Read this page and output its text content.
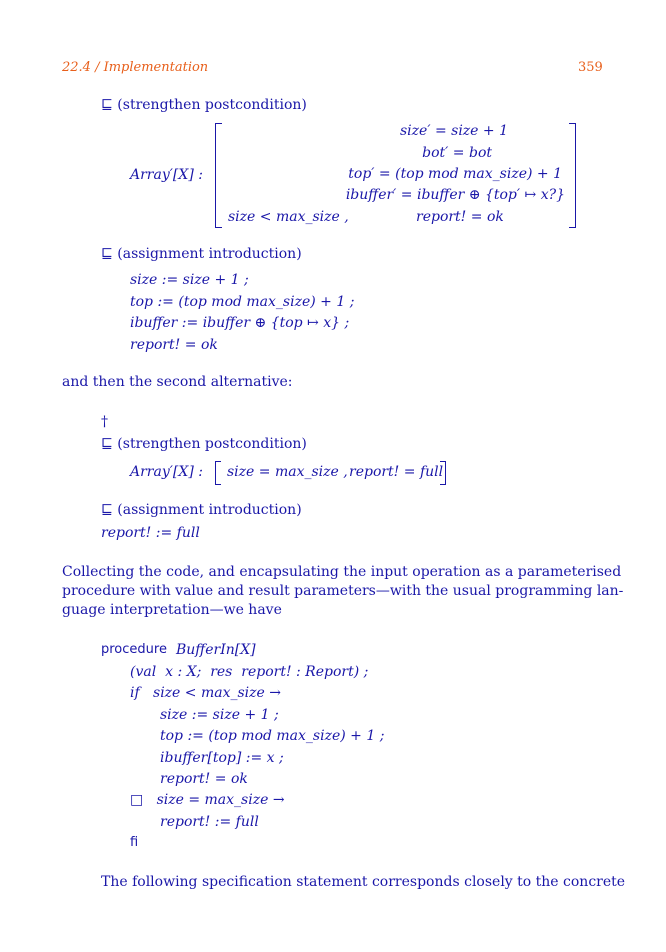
22.4 / Implementation	359
⊑ (strengthen postcondition)
Array′[X] :
size′ = size + 1
bot′ = bot
top′ = (top mod max_size) + 1
ibuffer′ = ibuffer ⊕ {top′ ↦ x?}
size < max_size ,	report! = ok
⊑ (assignment introduction)
size := size + 1 ;
top := (top mod max_size) + 1 ;
ibuffer := ibuffer ⊕ {top ↦ x} ;
report! = ok
and then the second alternative:
†
⊑ (strengthen postcondition)
Array′[X] : size = max_size , report! = full
⊑ (assignment introduction)
report! := full
Collecting the code, and encapsulating the input operation as a parameterised
procedure with value and result parameters—with the usual programming lan-
guage interpretation—we have
procedure BufferIn[X]
(val  x : X;  res  report! : Report) ;
if   size < max_size →
size := size + 1 ;
top := (top mod max_size) + 1 ;
ibuffer[top] := x ;
report! = ok
□   size = max_size →
report! := full
fi
The following specification statement corresponds closely to the concrete
